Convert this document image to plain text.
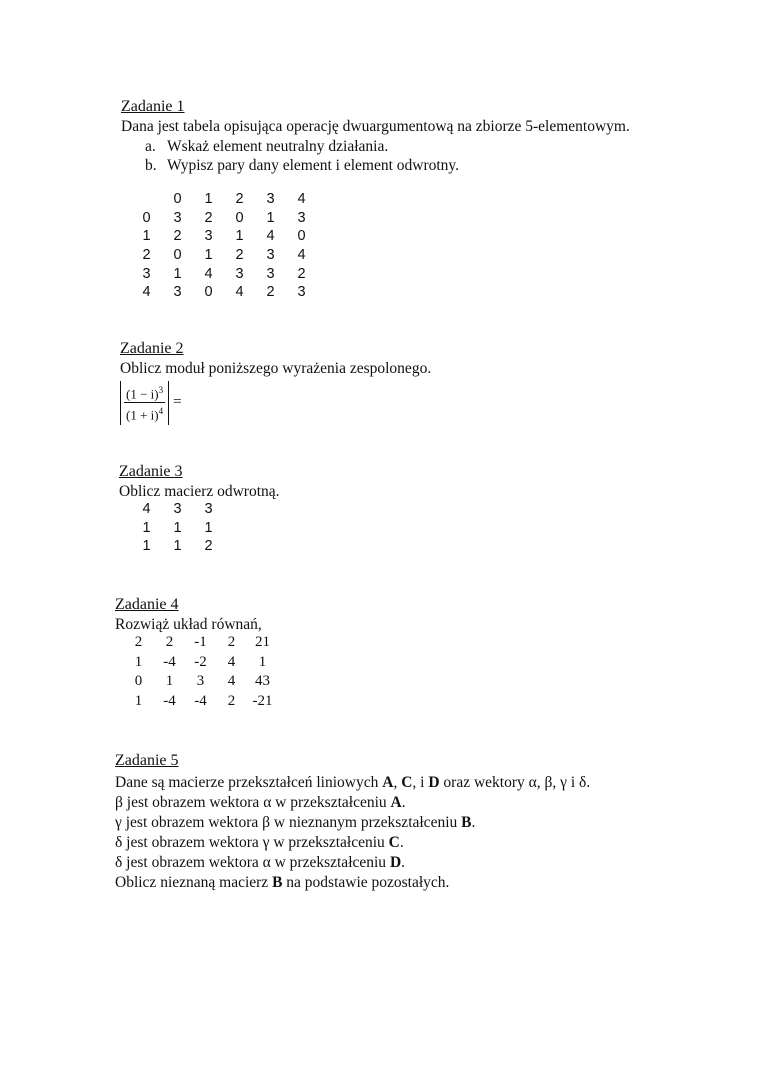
Zadanie 1
Dana jest tabela opisująca operację dwuargumentową na zbiorze 5-elementowym.
a. Wskaż element neutralny działania.
b. Wypisz pary dany element i element odwrotny.
	0	1	2	3	4
0	3	2	0	1	3
1	2	3	1	4	0
2	0	1	2	3	4
3	1	4	3	3	2
4	3	0	4	2	3
Zadanie 2
Oblicz moduł poniższego wyrażenia zespolonego.
$\frac{(1 - i)^3}{(1 + i)^4}$ =
Zadanie 3
Oblicz macierz odwrotną.
4	3	3
1	1	1
1	1	2
Zadanie 4
Rozwiąż układ równań,
2	2	-1	2	21
1	-4	-2	4	1
0	1	3	4	43
1	-4	-4	2	-21
Zadanie 5
Dane są macierze przekształceń liniowych A, C, i D oraz wektory α, β, γ i δ.
β jest obrazem wektora α w przekształceniu A.
γ jest obrazem wektora β w nieznanym przekształceniu B.
δ jest obrazem wektora γ w przekształceniu C.
δ jest obrazem wektora α w przekształceniu D.
Oblicz nieznaną macierz B na podstawie pozostałych.
